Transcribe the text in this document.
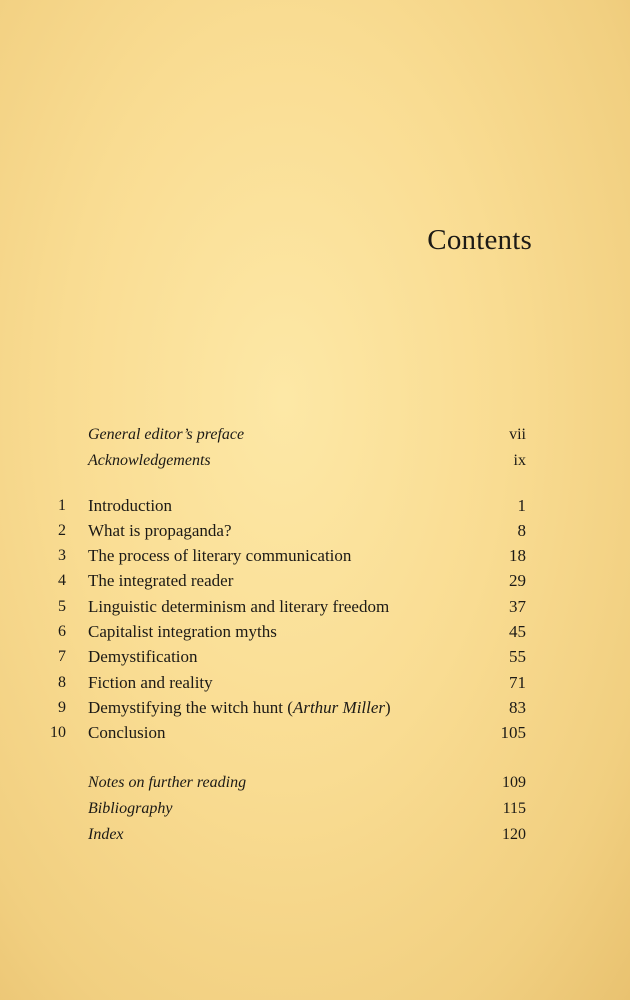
Contents
General editor’s preface	vii
Acknowledgements	ix
1 Introduction	1
2 What is propaganda?	8
3 The process of literary communication	18
4 The integrated reader	29
5 Linguistic determinism and literary freedom	37
6 Capitalist integration myths	45
7 Demystification	55
8 Fiction and reality	71
9 Demystifying the witch hunt (Arthur Miller)	83
10 Conclusion	105
Notes on further reading	109
Bibliography	115
Index	120
